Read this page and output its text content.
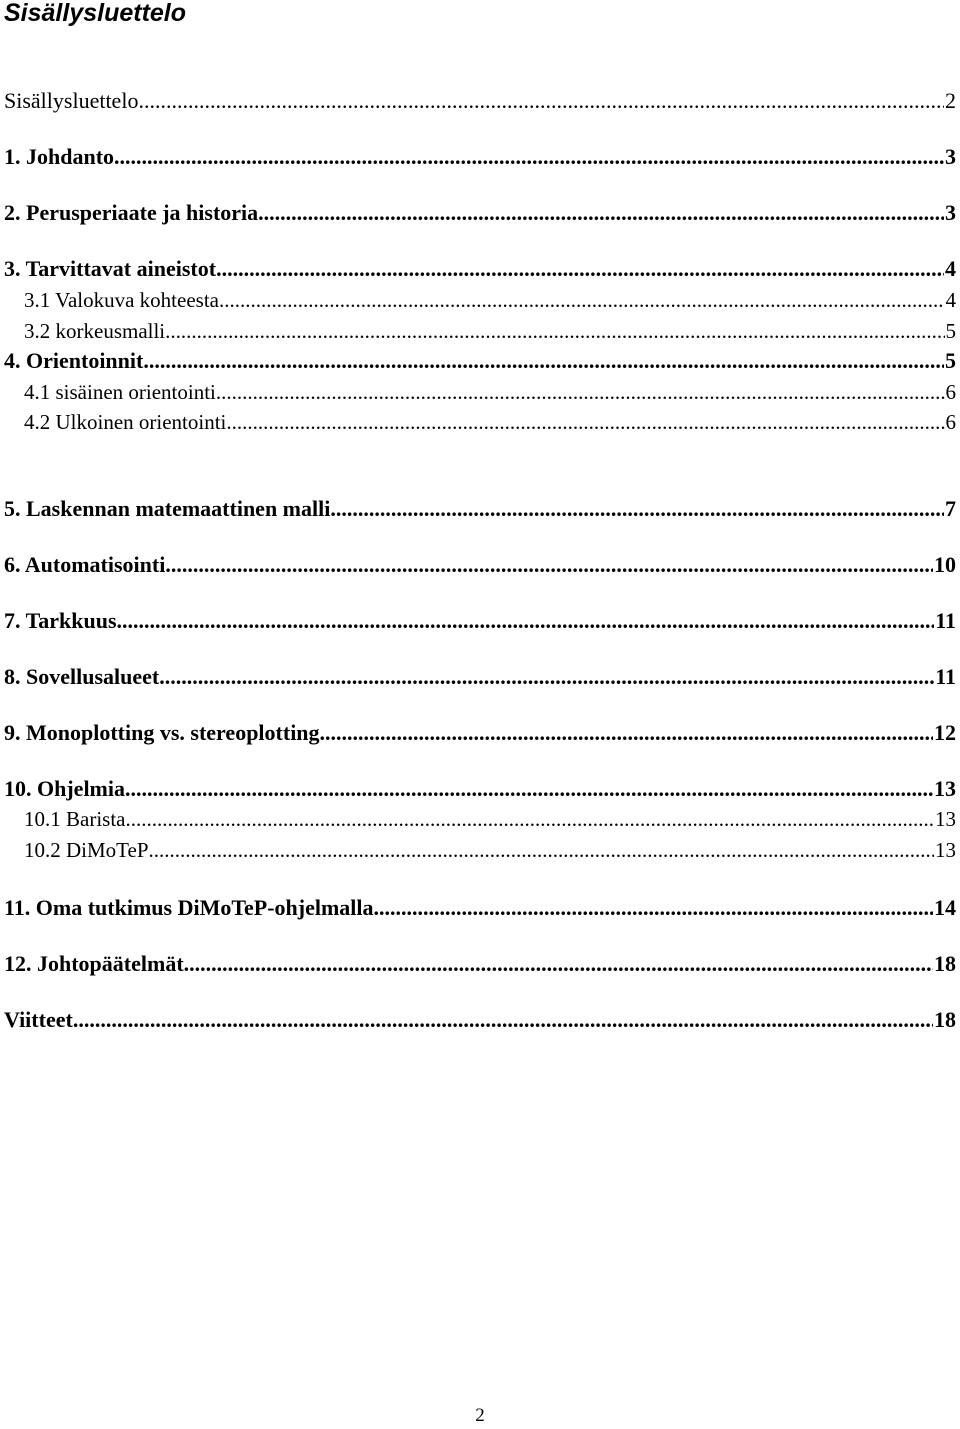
Sisällysluettelo
Sisällysluettelo .....	2
1. Johdanto .....	3
2. Perusperiaate ja historia .....	3
3. Tarvittavat aineistot .....	4
3.1 Valokuva kohteesta .....	4
3.2 korkeusmalli .....	5
4. Orientoinnit .....	5
4.1 sisäinen orientointi .....	6
4.2 Ulkoinen orientointi .....	6
5. Laskennan matemaattinen malli .....	7
6. Automatisointi .....	10
7. Tarkkuus .....	11
8. Sovellusalueet .....	11
9. Monoplotting vs. stereoplotting .....	12
10. Ohjelmia .....	13
10.1 Barista .....	13
10.2 DiMoTeP .....	13
11. Oma tutkimus DiMoTeP-ohjelmalla .....	14
12. Johtopäätelmät .....	18
Viitteet .....	18
2
